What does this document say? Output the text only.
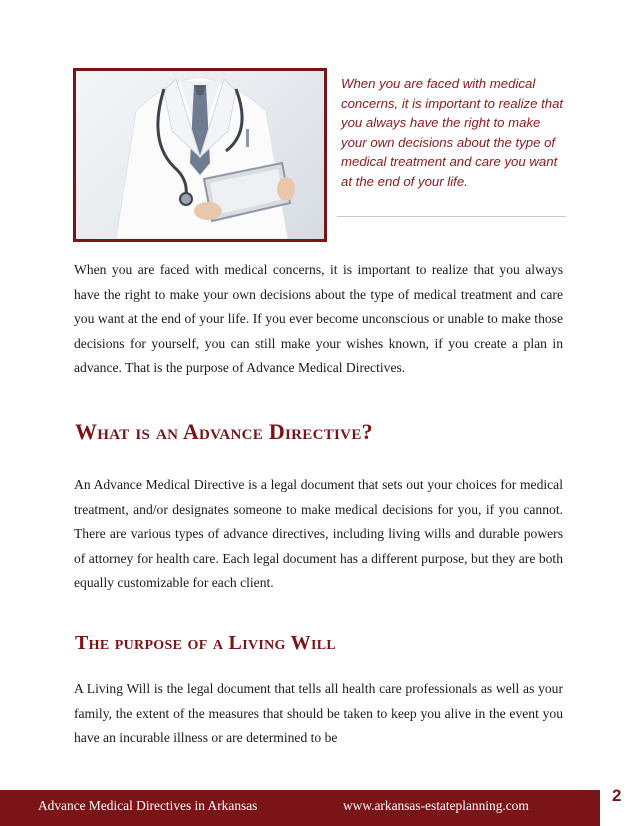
When you are faced with medical concerns, it is important to realize that you always have the right to make your own decisions about the type of medical treatment and care you want at the end of your life.

When you are faced with medical concerns, it is important to realize that you always have the right to make your own decisions about the type of medical treatment and care you want at the end of your life. If you ever become unconscious or unable to make those decisions for yourself, you can still make your wishes known, if you create a plan in advance. That is the purpose of Advance Medical Directives.

What is an Advance Directive?

An Advance Medical Directive is a legal document that sets out your choices for medical treatment, and/or designates someone to make medical decisions for you, if you cannot. There are various types of advance directives, including living wills and durable powers of attorney for health care. Each legal document has a different purpose, but they are both equally customizable for each client.

The purpose of a Living Will

A Living Will is the legal document that tells all health care professionals as well as your family, the extent of the measures that should be taken to keep you alive in the event you have an incurable illness or are determined to be

Advance Medical Directives in Arkansas	www.arkansas-estateplanning.com
2
